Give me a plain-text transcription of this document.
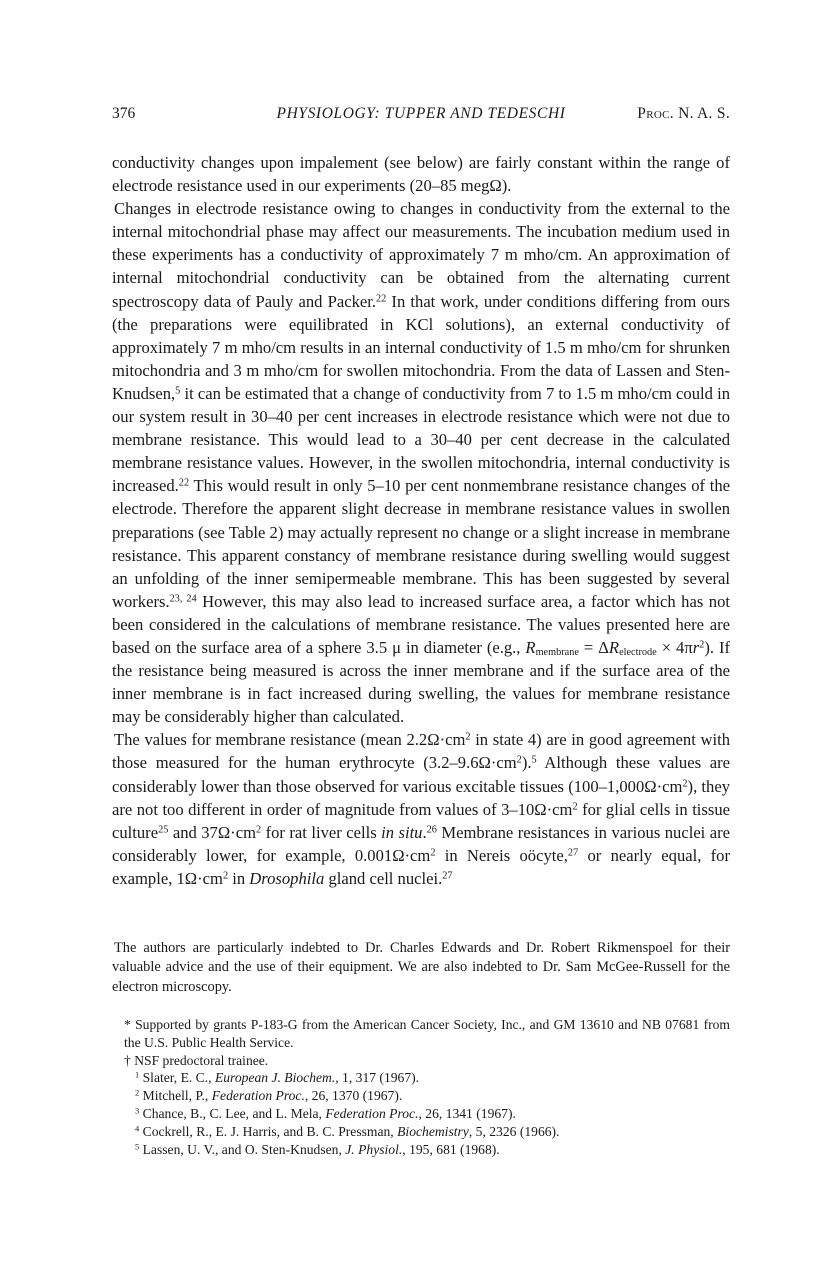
376	PHYSIOLOGY: TUPPER AND TEDESCHI	Proc. N. A. S.

conductivity changes upon impalement (see below) are fairly constant within the range of electrode resistance used in our experiments (20–85 megΩ).

Changes in electrode resistance owing to changes in conductivity from the external to the internal mitochondrial phase may affect our measurements. The incubation medium used in these experiments has a conductivity of approximately 7 m mho/cm. An approximation of internal mitochondrial conductivity can be obtained from the alternating current spectroscopy data of Pauly and Packer.$^{22}$ In that work, under conditions differing from ours (the preparations were equilibrated in KCl solutions), an external conductivity of approximately 7 m mho/cm results in an internal conductivity of 1.5 m mho/cm for shrunken mitochondria and 3 m mho/cm for swollen mitochondria. From the data of Lassen and Sten-Knudsen,$^5$ it can be estimated that a change of conductivity from 7 to 1.5 m mho/cm could in our system result in 30–40 per cent increases in electrode resistance which were not due to membrane resistance. This would lead to a 30–40 per cent decrease in the calculated membrane resistance values. However, in the swollen mitochondria, internal conductivity is increased.$^{22}$ This would result in only 5–10 per cent nonmembrane resistance changes of the electrode. Therefore the apparent slight decrease in membrane resistance values in swollen preparations (see Table 2) may actually represent no change or a slight increase in membrane resistance. This apparent constancy of membrane resistance during swelling would suggest an unfolding of the inner semipermeable membrane. This has been suggested by several workers.$^{23, 24}$ However, this may also lead to increased surface area, a factor which has not been considered in the calculations of membrane resistance. The values presented here are based on the surface area of a sphere 3.5 μ in diameter (e.g., $R_{membrane} = \Delta R_{electrode} \times 4\pi r^2$). If the resistance being measured is across the inner membrane and if the surface area of the inner membrane is in fact increased during swelling, the values for membrane resistance may be considerably higher than calculated.

The values for membrane resistance (mean $2.2\Omega\cdot cm^2$ in state 4) are in good agreement with those measured for the human erythrocyte $(3.2-9.6\Omega\cdot cm^2).^5$ Although these values are considerably lower than those observed for various excitable tissues $(100-1,000\Omega\cdot cm^2)$, they are not too different in order of magnitude from values of $3-10\Omega\cdot cm^2$ for glial cells in tissue culture$^{25}$ and $37\Omega\cdot cm^2$ for rat liver cells in situ.$^{26}$ Membrane resistances in various nuclei are considerably lower, for example, $0.001\Omega\cdot cm^2$ in Nereis oöcyte,$^{27}$ or nearly equal, for example, $1\Omega\cdot cm^2$ in Drosophila gland cell nuclei.$^{27}$

The authors are particularly indebted to Dr. Charles Edwards and Dr. Robert Rikmenspoel for their valuable advice and the use of their equipment. We are also indebted to Dr. Sam McGee-Russell for the electron microscopy.

* Supported by grants P-183-G from the American Cancer Society, Inc., and GM 13610 and NB 07681 from the U.S. Public Health Service.

† NSF predoctoral trainee.

$^1$ Slater, E. C., European J. Biochem., 1, 317 (1967).

$^2$ Mitchell, P., Federation Proc., 26, 1370 (1967).

$^3$ Chance, B., C. Lee, and L. Mela, Federation Proc., 26, 1341 (1967).

$^4$ Cockrell, R., E. J. Harris, and B. C. Pressman, Biochemistry, 5, 2326 (1966).

$^5$ Lassen, U. V., and O. Sten-Knudsen, J. Physiol., 195, 681 (1968).
